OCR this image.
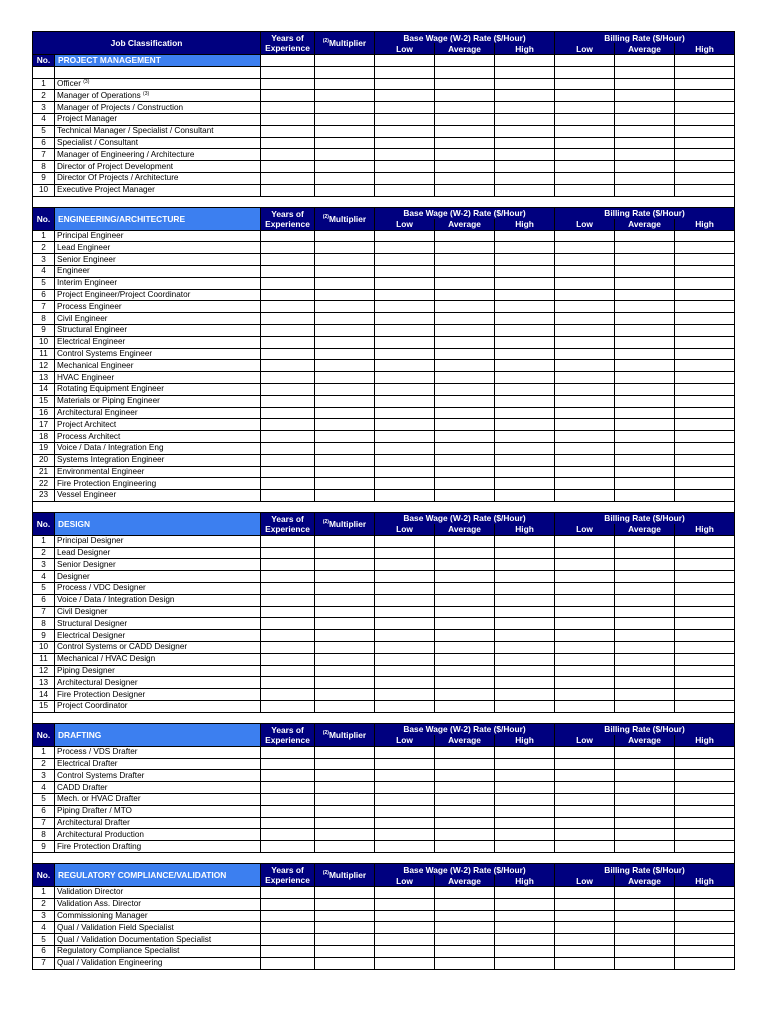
Job Classification		Years of
Experience	$^{(2)}$Multiplier	Base Wage (W-2) Rate ($/Hour)			Billing Rate ($/Hour)		
				Low	Average	High	Low	Average	High
No.	PROJECT MANAGEMENT								

1	Officer $^{(3)}$								
2	Manager of Operations $^{(3)}$								
3	Manager of Projects / Construction								
4	Project Manager								
5	Technical Manager / Specialist / Consultant								
6	Specialist / Consultant								
7	Manager of Engineering / Architecture								
8	Director of Project Development								
9	Director Of Projects / Architecture								
10	Executive Project Manager								

No.	ENGINEERING/ARCHITECTURE	Years of
Experience	$^{(2)}$Multiplier	Base Wage (W-2) Rate ($/Hour)			Billing Rate ($/Hour)		
				Low	Average	High	Low	Average	High
1	Principal Engineer								
2	Lead Engineer								
3	Senior Engineer								
4	Engineer								
5	Interim Engineer								
6	Project Engineer/Project Coordinator								
7	Process Engineer								
8	Civil Engineer								
9	Structural Engineer								
10	Electrical Engineer								
11	Control Systems Engineer								
12	Mechanical Engineer								
13	HVAC Engineer								
14	Rotating Equipment Engineer								
15	Materials or Piping Engineer								
16	Architectural Engineer								
17	Project Architect								
18	Process Architect								
19	Voice / Data / Integration Eng								
20	Systems Integration Engineer								
21	Environmental Engineer								
22	Fire Protection Engineering								
23	Vessel Engineer								

No.	DESIGN	Years of
Experience	$^{(2)}$Multiplier	Base Wage (W-2) Rate ($/Hour)			Billing Rate ($/Hour)		
				Low	Average	High	Low	Average	High
1	Principal Designer								
2	Lead Designer								
3	Senior Designer								
4	Designer								
5	Process / VDC Designer								
6	Voice / Data / Integration Design								
7	Civil Designer								
8	Structural Designer								
9	Electrical Designer								
10	Control Systems or CADD Designer								
11	Mechanical / HVAC Design								
12	Piping Designer								
13	Architectural Designer								
14	Fire Protection Designer								
15	Project Coordinator								

No.	DRAFTING	Years of
Experience	$^{(2)}$Multiplier	Base Wage (W-2) Rate ($/Hour)			Billing Rate ($/Hour)		
				Low	Average	High	Low	Average	High
1	Process / VDS Drafter								
2	Electrical Drafter								
3	Control Systems Drafter								
4	CADD Drafter								
5	Mech. or HVAC Drafter								
6	Piping Drafter / MTO								
7	Architectural Drafter								
8	Architectural Production								
9	Fire Protection Drafting								

No.	REGULATORY COMPLIANCE/VALIDATION	Years of
Experience	$^{(2)}$Multiplier	Base Wage (W-2) Rate ($/Hour)			Billing Rate ($/Hour)		
				Low	Average	High	Low	Average	High
1	Validation Director								
2	Validation Ass. Director								
3	Commissioning Manager								
4	Qual / Validation Field Specialist								
5	Qual / Validation Documentation Specialist								
6	Regulatory Compliance Specialist								
7	Qual / Validation Engineering								
